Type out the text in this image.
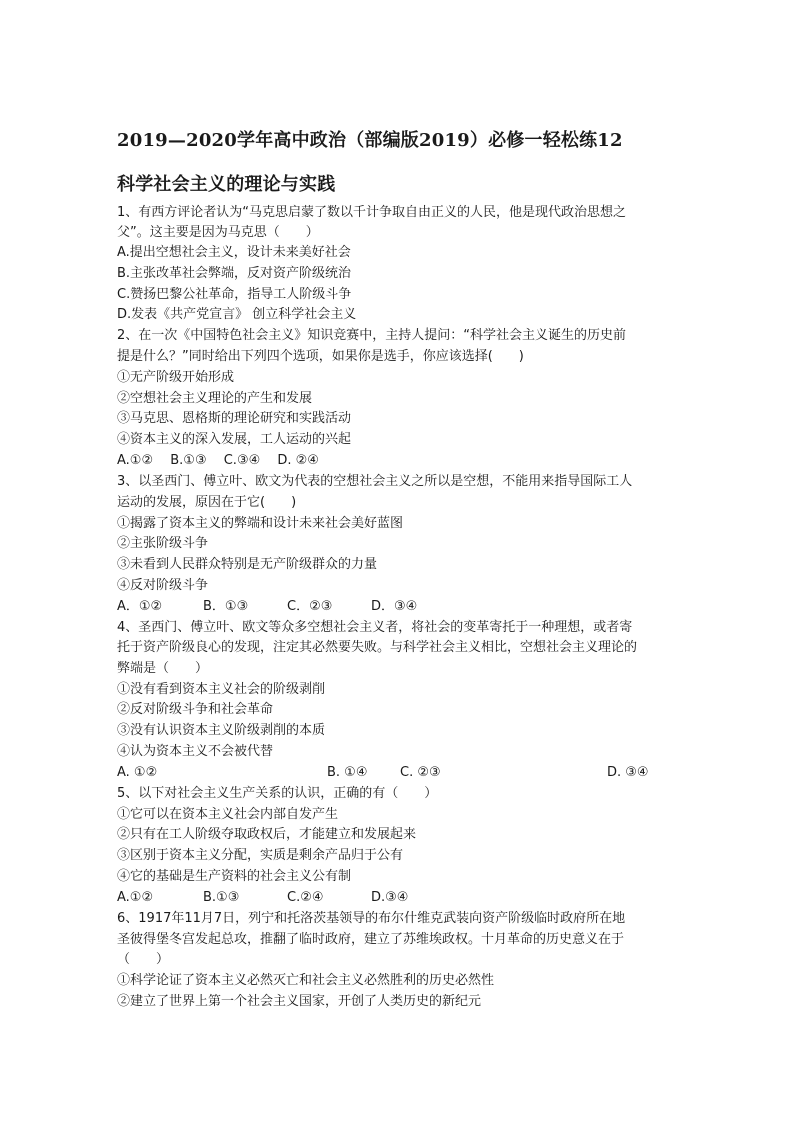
2019—2020学年高中政治（部编版2019）必修一轻松练12
科学社会主义的理论与实践
1、有西方评论者认为“马克思启蒙了数以千计争取自由正义的人民，他是现代政治思想之
父”。这主要是因为马克思（　　）
A.提出空想社会主义，设计未来美好社会
B.主张改革社会弊端，反对资产阶级统治
C.赞扬巴黎公社革命，指导工人阶级斗争
D.发表《共产党宣言》 创立科学社会主义
2、在一次《中国特色社会主义》知识竞赛中，主持人提问：“科学社会主义诞生的历史前
提是什么？”同时给出下列四个选项，如果你是选手，你应该选择(　　)
①无产阶级开始形成
②空想社会主义理论的产生和发展
③马克思、恩格斯的理论研究和实践活动
④资本主义的深入发展，工人运动的兴起
A.①②　 B.①③　 C.③④　 D. ②④
3、以圣西门、傅立叶、欧文为代表的空想社会主义之所以是空想，不能用来指导国际工人
运动的发展，原因在于它(　　)
①揭露了资本主义的弊端和设计未来社会美好蓝图
②主张阶级斗争
③未看到人民群众特别是无产阶级群众的力量
④反对阶级斗争
A．①②	B．①③	C．②③	D．③④
4、圣西门、傅立叶、欧文等众多空想社会主义者，将社会的变革寄托于一种理想，或者寄
托于资产阶级良心的发现，注定其必然要失败。与科学社会主义相比，空想社会主义理论的
弊端是（　　）
①没有看到资本主义社会的阶级剥削
②反对阶级斗争和社会革命
③没有认识资本主义阶级剥削的本质
④认为资本主义不会被代替
A. ①②	B. ①④	C. ②③	D. ③④
5、以下对社会主义生产关系的认识，正确的有（　　）
①它可以在资本主义社会内部自发产生
②只有在工人阶级夺取政权后，才能建立和发展起来
③区别于资本主义分配，实质是剩余产品归于公有
④它的基础是生产资料的社会主义公有制
A.①②	B.①③	C.②④	D.③④
6、1917年11月7日，列宁和托洛茨基领导的布尔什维克武装向资产阶级临时政府所在地
圣彼得堡冬宫发起总攻，推翻了临时政府，建立了苏维埃政权。十月革命的历史意义在于
（　　）
①科学论证了资本主义必然灭亡和社会主义必然胜利的历史必然性
②建立了世界上第一个社会主义国家，开创了人类历史的新纪元
